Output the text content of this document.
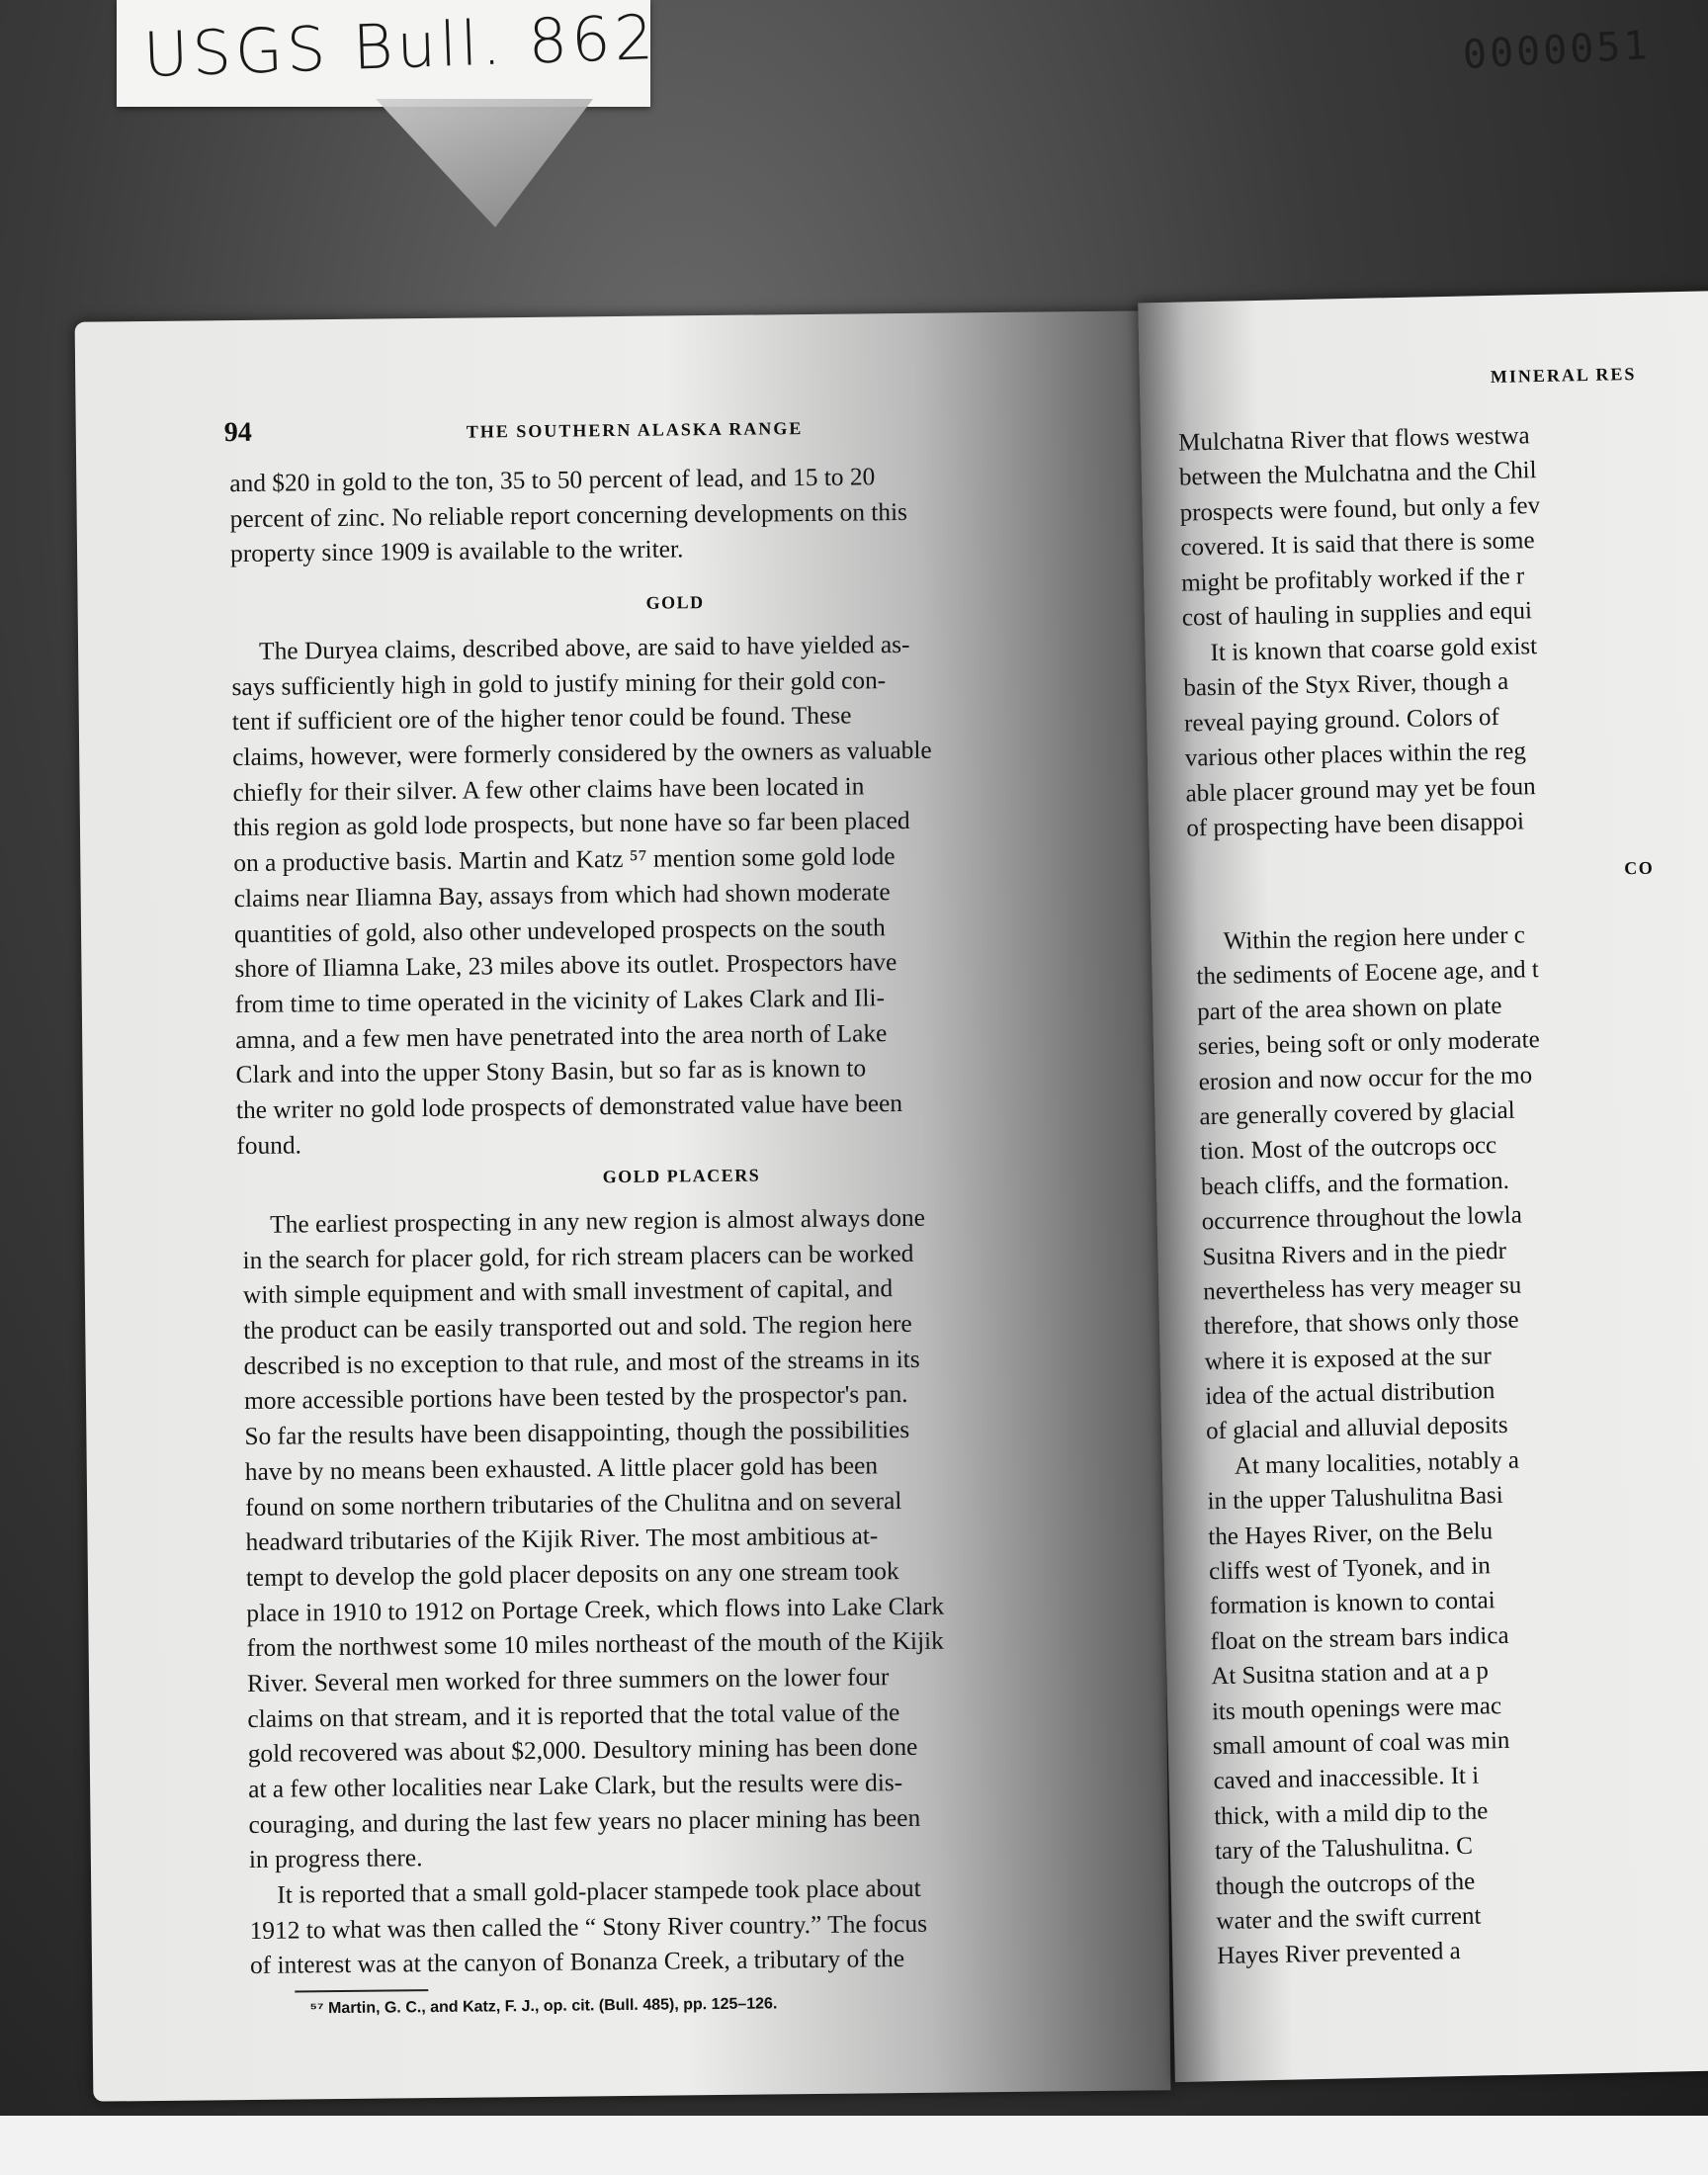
USGS Bull. 862	0000051
94	THE SOUTHERN ALASKA RANGE
and $20 in gold to the ton, 35 to 50 percent of lead, and 15 to 20
percent of zinc. No reliable report concerning developments on this
property since 1909 is available to the writer.
GOLD
The Duryea claims, described above, are said to have yielded as-
says sufficiently high in gold to justify mining for their gold con-
tent if sufficient ore of the higher tenor could be found. These
claims, however, were formerly considered by the owners as valuable
chiefly for their silver. A few other claims have been located in
this region as gold lode prospects, but none have so far been placed
on a productive basis. Martin and Katz ⁵⁷ mention some gold lode
claims near Iliamna Bay, assays from which had shown moderate
quantities of gold, also other undeveloped prospects on the south
shore of Iliamna Lake, 23 miles above its outlet. Prospectors have
from time to time operated in the vicinity of Lakes Clark and Ili-
amna, and a few men have penetrated into the area north of Lake
Clark and into the upper Stony Basin, but so far as is known to
the writer no gold lode prospects of demonstrated value have been
found.
GOLD PLACERS
The earliest prospecting in any new region is almost always done
in the search for placer gold, for rich stream placers can be worked
with simple equipment and with small investment of capital, and
the product can be easily transported out and sold. The region here
described is no exception to that rule, and most of the streams in its
more accessible portions have been tested by the prospector's pan.
So far the results have been disappointing, though the possibilities
have by no means been exhausted. A little placer gold has been
found on some northern tributaries of the Chulitna and on several
headward tributaries of the Kijik River. The most ambitious at-
tempt to develop the gold placer deposits on any one stream took
place in 1910 to 1912 on Portage Creek, which flows into Lake Clark
from the northwest some 10 miles northeast of the mouth of the Kijik
River. Several men worked for three summers on the lower four
claims on that stream, and it is reported that the total value of the
gold recovered was about $2,000. Desultory mining has been done
at a few other localities near Lake Clark, but the results were dis-
couraging, and during the last few years no placer mining has been
in progress there.
It is reported that a small gold-placer stampede took place about
1912 to what was then called the “ Stony River country.” The focus
of interest was at the canyon of Bonanza Creek, a tributary of the
⁵⁷ Martin, G. C., and Katz, F. J., op. cit. (Bull. 485), pp. 125–126.
MINERAL RES
Mulchatna River that flows westwa
between the Mulchatna and the Chil
prospects were found, but only a fev
covered. It is said that there is some
might be profitably worked if the r
cost of hauling in supplies and equi
It is known that coarse gold exist
basin of the Styx River, though a
reveal paying ground. Colors of
various other places within the reg
able placer ground may yet be foun
of prospecting have been disappoi
CO
Within the region here under c
the sediments of Eocene age, and t
part of the area shown on plate
series, being soft or only moderate
erosion and now occur for the mo
are generally covered by glacial
tion. Most of the outcrops occ
beach cliffs, and the formation.
occurrence throughout the lowla
Susitna Rivers and in the piedr
nevertheless has very meager su
therefore, that shows only those
where it is exposed at the sur
idea of the actual distribution
of glacial and alluvial deposits
At many localities, notably a
in the upper Talushulitna Basi
the Hayes River, on the Belu
cliffs west of Tyonek, and in
formation is known to contai
float on the stream bars indica
At Susitna station and at a p
its mouth openings were mac
small amount of coal was min
caved and inaccessible. It i
thick, with a mild dip to the
tary of the Talushulitna. C
though the outcrops of the
water and the swift current
Hayes River prevented a
